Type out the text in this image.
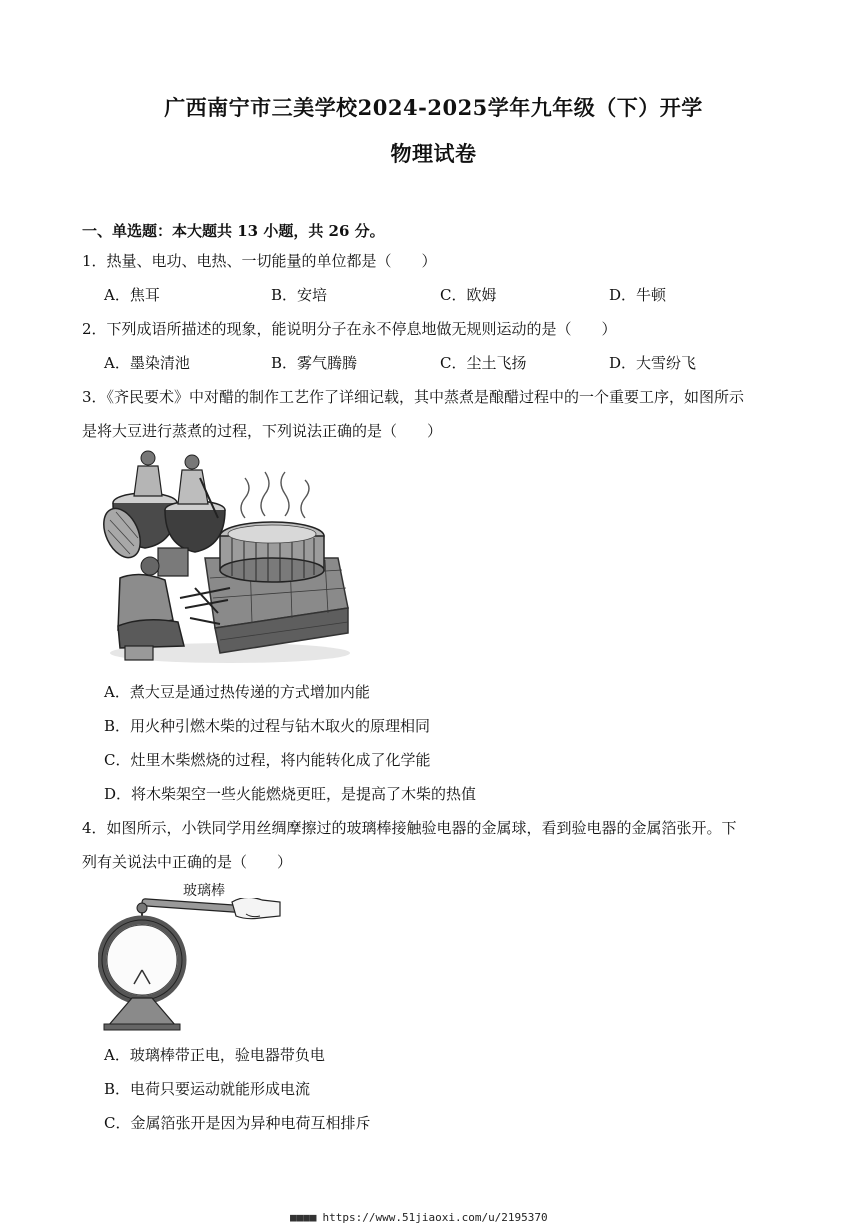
广西南宁市三美学校2024-2025学年九年级（下）开学
物理试卷
一、单选题：本大题共 13 小题，共 26 分。
1．热量、电功、电热、一切能量的单位都是（　　）
A．焦耳	B．安培	C．欧姆	D．牛顿
2．下列成语所描述的现象，能说明分子在永不停息地做无规则运动的是（　　）
A．墨染清池	B．雾气腾腾	C．尘土飞扬	D．大雪纷飞
3．《齐民要术》中对醋的制作工艺作了详细记载，其中蒸煮是酿醋过程中的一个重要工序，如图所示
是将大豆进行蒸煮的过程，下列说法正确的是（　　）
A．煮大豆是通过热传递的方式增加内能
B．用火种引燃木柴的过程与钻木取火的原理相同
C．灶里木柴燃烧的过程，将内能转化成了化学能
D．将木柴架空一些火能燃烧更旺，是提高了木柴的热值
4．如图所示，小铁同学用丝绸摩擦过的玻璃棒接触验电器的金属球，看到验电器的金属箔张开。下
列有关说法中正确的是（　　）
玻璃棒
A．玻璃棒带正电，验电器带负电
B．电荷只要运动就能形成电流
C．金属箔张开是因为异种电荷互相排斥
■■■■ https://www.51jiaoxi.com/u/2195370
